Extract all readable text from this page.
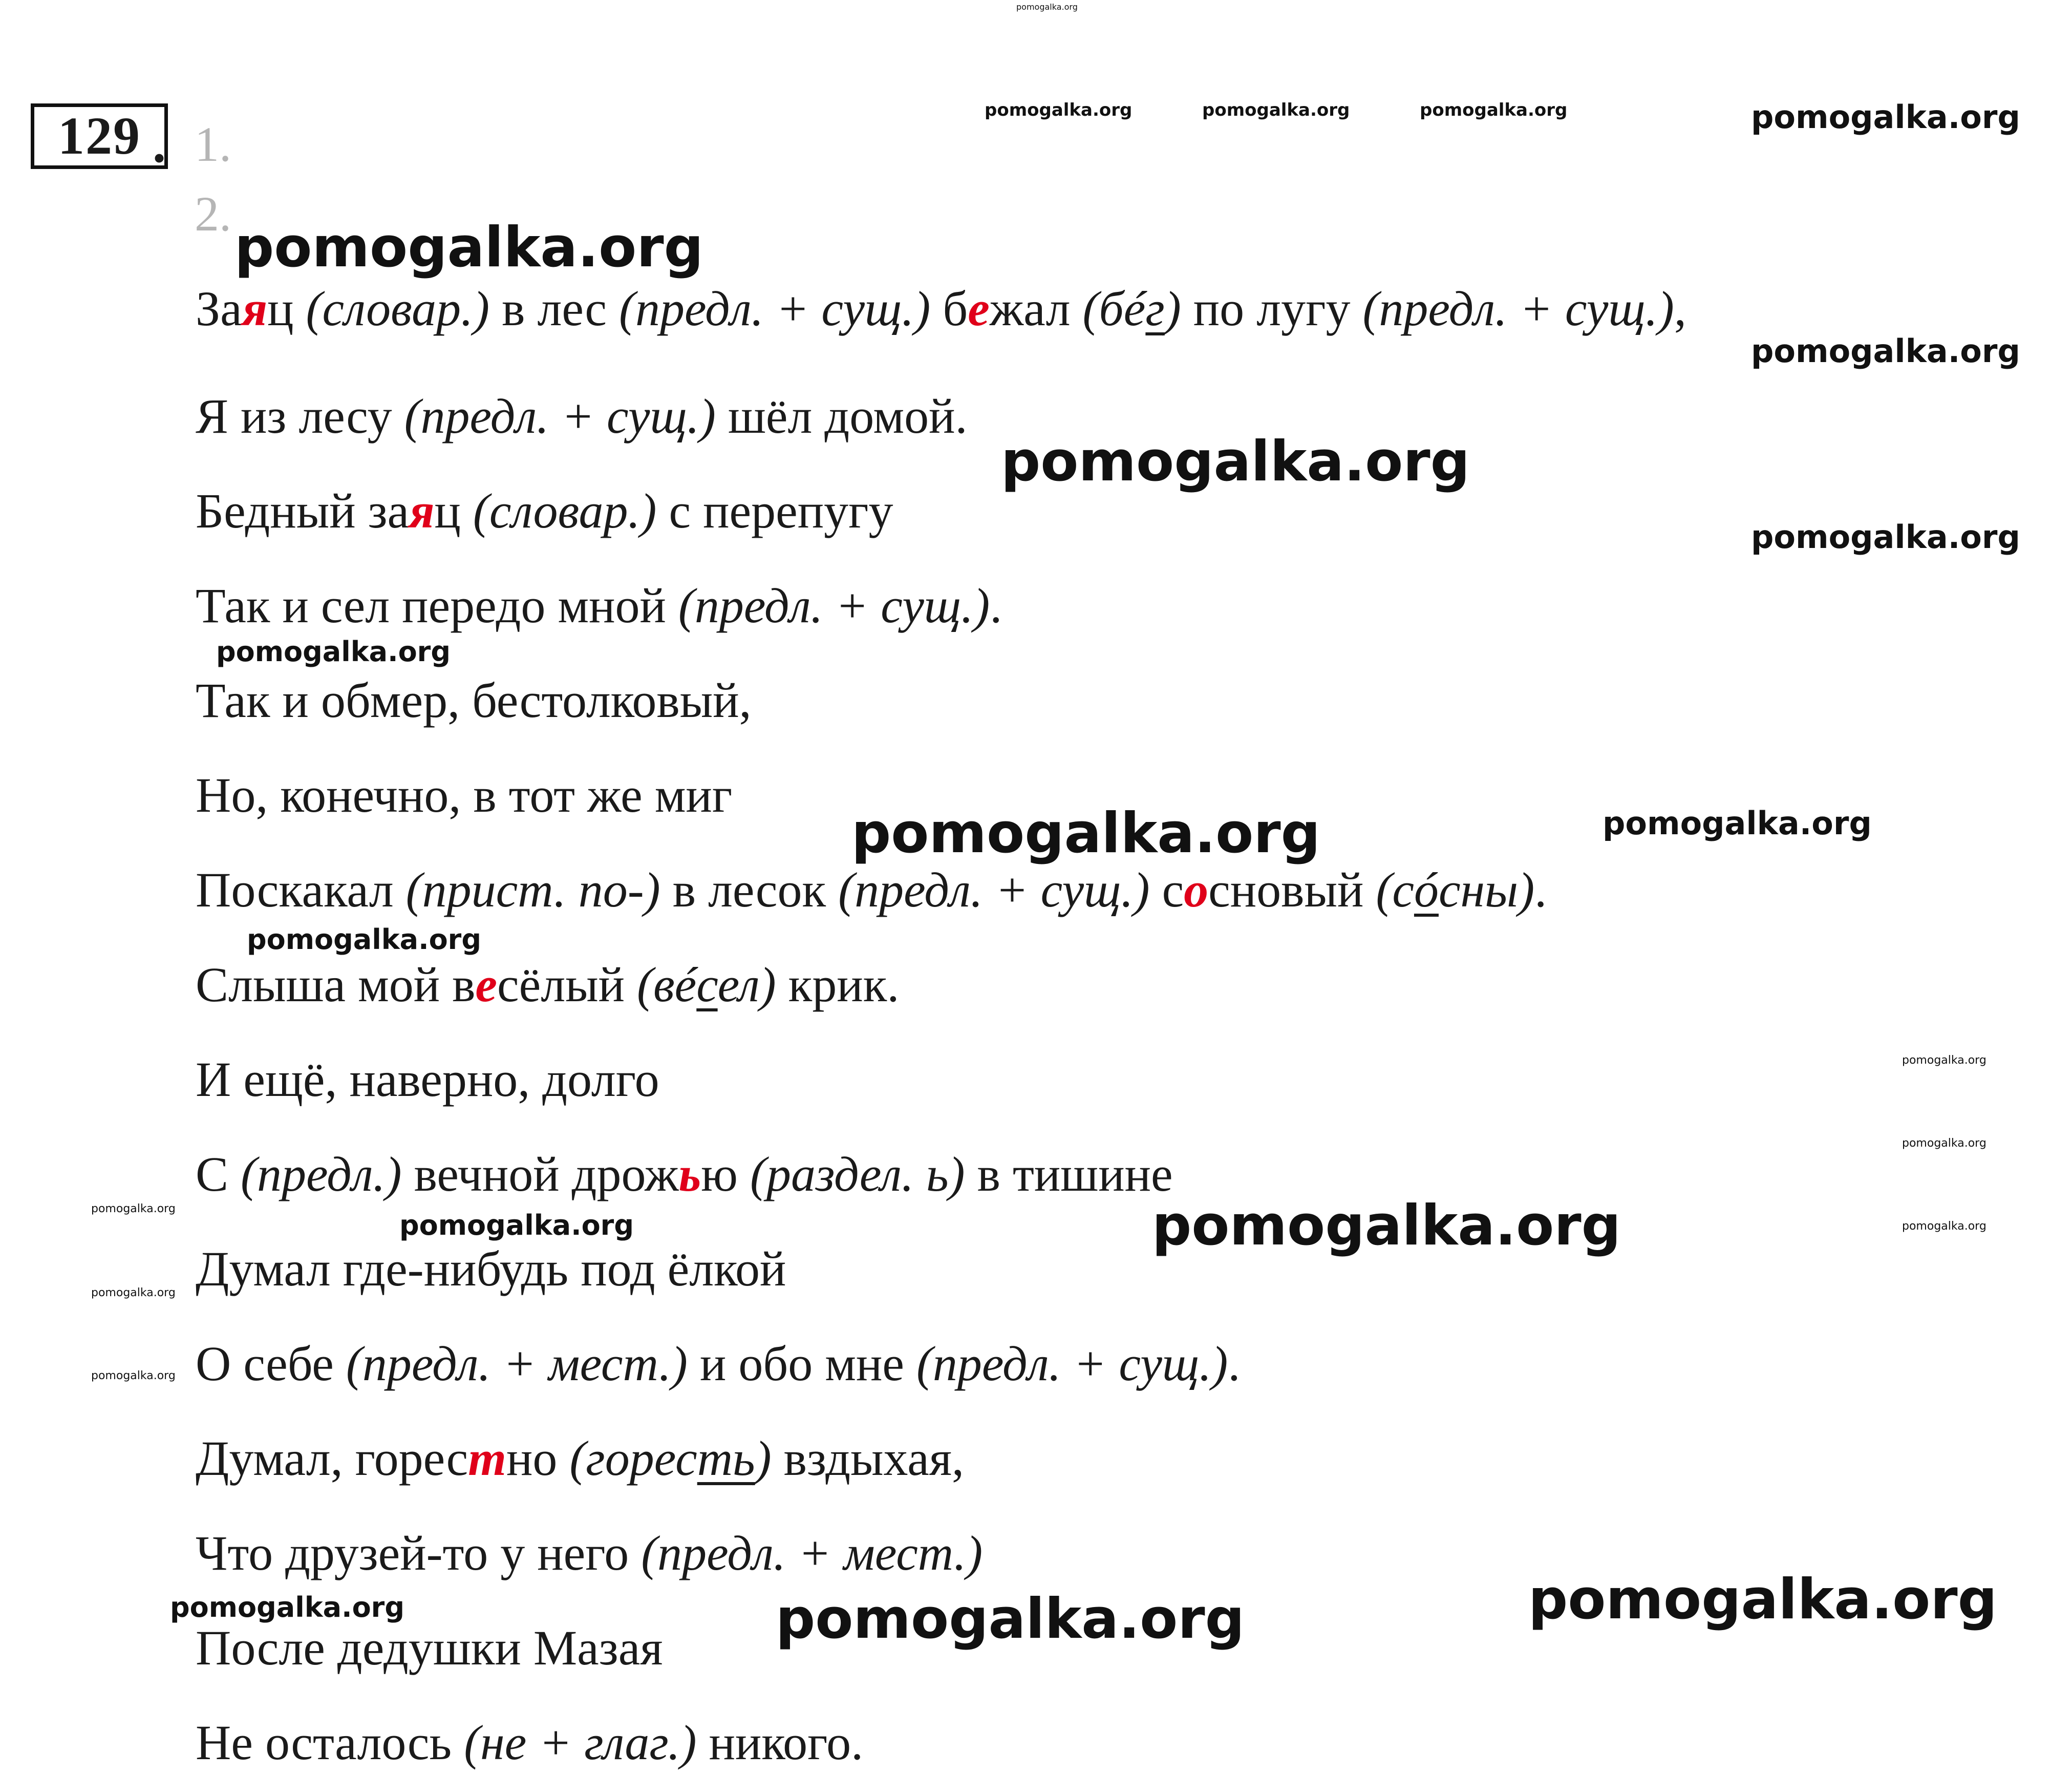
pomogalka.org
pomogalka.org	pomogalka.org	pomogalka.org	pomogalka.org
pomogalka.org
pomogalka.org
pomogalka.org
pomogalka.org
pomogalka.org
pomogalka.org	pomogalka.org
pomogalka.org
pomogalka.org
pomogalka.org
pomogalka.org
pomogalka.org
pomogalka.org
pomogalka.org
pomogalka.org	pomogalka.org
pomogalka.org	pomogalka.org	pomogalka.org
129 . 1.
2.
Заяц (словар.) в лес (предл. + сущ.) бежал (бéг) по лугу (предл. + сущ.),
Я из лесу (предл. + сущ.) шёл домой.
Бедный заяц (словар.) с перепугу
Так и сел передо мной (предл. + сущ.).
Так и обмер, бестолковый,
Но, конечно, в тот же миг
Поскакал (прист. по-) в лесок (предл. + сущ.) сосновый (сóсны).
Слыша мой весёлый (вéсел) крик.
И ещё, наверно, долго
С (предл.) вечной дрожью (раздел. ь) в тишине
Думал где-нибудь под ёлкой
О себе (предл. + мест.) и обо мне (предл. + сущ.).
Думал, горестно (горесть) вздыхая,
Что друзей-то у него (предл. + мест.)
После дедушки Мазая
Не осталось (не + глаг.) никого.
